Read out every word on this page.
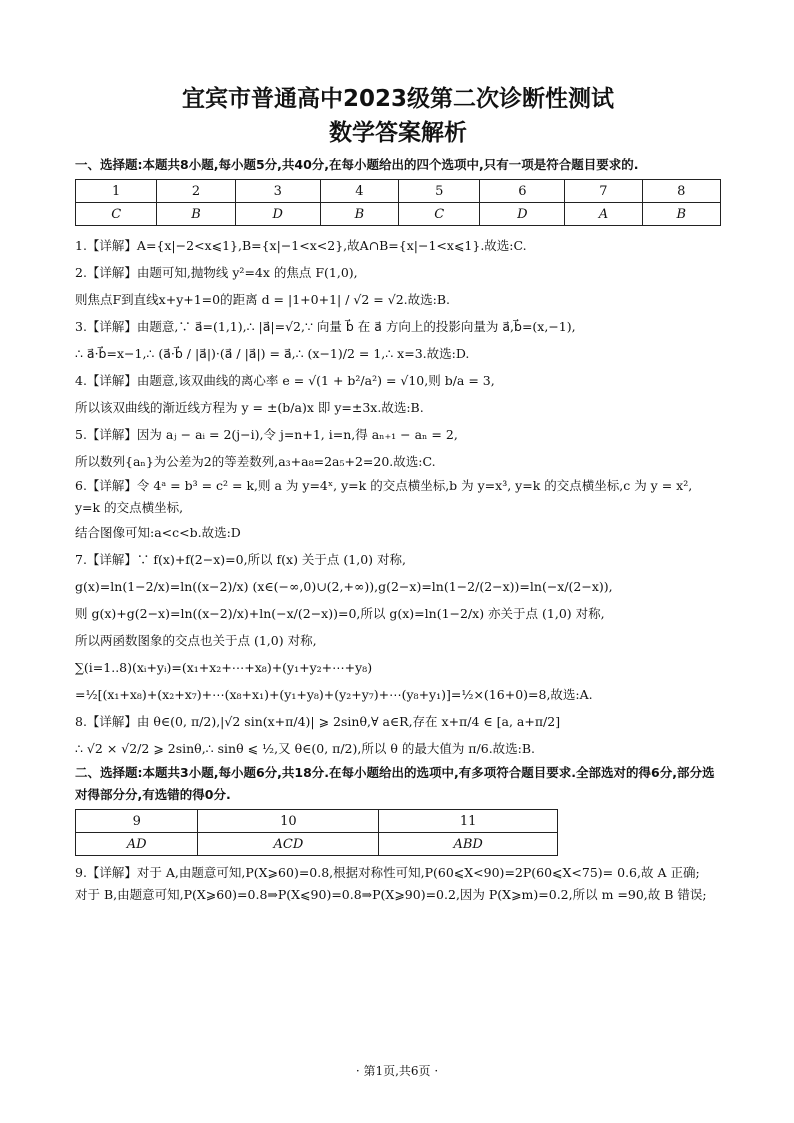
宜宾市普通高中2023级第二次诊断性测试
数学答案解析

一、选择题:本题共8小题,每小题5分,共40分,在每小题给出的四个选项中,只有一项是符合题目要求的.

1	2	3	4	5	6	7	8
C	B	D	B	C	D	A	B

1.【详解】A={x|−2<x⩽1},B={x|−1<x<2},故A∩B={x|−1<x⩽1}.故选:C.

2.【详解】由题可知,抛物线 y²=4x 的焦点 F(1,0),

则焦点F到直线x+y+1=0的距离 d = |1+0+1| / √2 = √2.故选:B.

3.【详解】由题意,∵ a⃗=(1,1),∴ |a⃗|=√2,∵ 向量 b⃗ 在 a⃗ 方向上的投影向量为 a⃗,b⃗=(x,−1),

∴ a⃗·b⃗=x−1,∴ (a⃗·b⃗ / |a⃗|)·(a⃗ / |a⃗|) = a⃗,∴ (x−1)/2 = 1,∴ x=3.故选:D.

4.【详解】由题意,该双曲线的离心率 e = √(1 + b²/a²) = √10,则 b/a = 3,

所以该双曲线的渐近线方程为 y = ±(b/a)x 即 y=±3x.故选:B.

5.【详解】因为 aⱼ − aᵢ = 2(j−i),令 j=n+1, i=n,得 aₙ₊₁ − aₙ = 2,

所以数列{aₙ}为公差为2的等差数列,a₃+a₈=2a₅+2=20.故选:C.

6.【详解】令 4ᵃ = b³ = c² = k,则 a 为 y=4ˣ, y=k 的交点横坐标,b 为 y=x³, y=k 的交点横坐标,c 为 y = x², y=k 的交点横坐标,

结合图像可知:a<c<b.故选:D

7.【详解】∵ f(x)+f(2−x)=0,所以 f(x) 关于点 (1,0) 对称,

g(x)=ln(1−2/x)=ln((x−2)/x) (x∈(−∞,0)∪(2,+∞)),g(2−x)=ln(1−2/(2−x))=ln(−x/(2−x)),

则 g(x)+g(2−x)=ln((x−2)/x)+ln(−x/(2−x))=0,所以 g(x)=ln(1−2/x) 亦关于点 (1,0) 对称,

所以两函数图象的交点也关于点 (1,0) 对称,

∑(i=1..8)(xᵢ+yᵢ)=(x₁+x₂+⋯+x₈)+(y₁+y₂+⋯+y₈)

=½[(x₁+x₈)+(x₂+x₇)+⋯(x₈+x₁)+(y₁+y₈)+(y₂+y₇)+⋯(y₈+y₁)]=½×(16+0)=8,故选:A.

8.【详解】由 θ∈(0, π/2),|√2 sin(x+π/4)| ⩾ 2sinθ,∀ a∈R,存在 x+π/4 ∈ [a, a+π/2]

∴ √2 × √2/2 ⩾ 2sinθ,∴ sinθ ⩽ ½,又 θ∈(0, π/2),所以 θ 的最大值为 π/6.故选:B.

二、选择题:本题共3小题,每小题6分,共18分.在每小题给出的选项中,有多项符合题目要求.全部选对的得6分,部分选对得部分分,有选错的得0分.

9	10	11
AD	ACD	ABD

9.【详解】对于 A,由题意可知,P(X⩾60)=0.8,根据对称性可知,P(60⩽X<90)=2P(60⩽X<75)= 0.6,故 A 正确;

对于 B,由题意可知,P(X⩾60)=0.8⇒P(X⩽90)=0.8⇒P(X⩾90)=0.2,因为 P(X⩾m)=0.2,所以 m =90,故 B 错误;

· 第1页,共6页 ·
